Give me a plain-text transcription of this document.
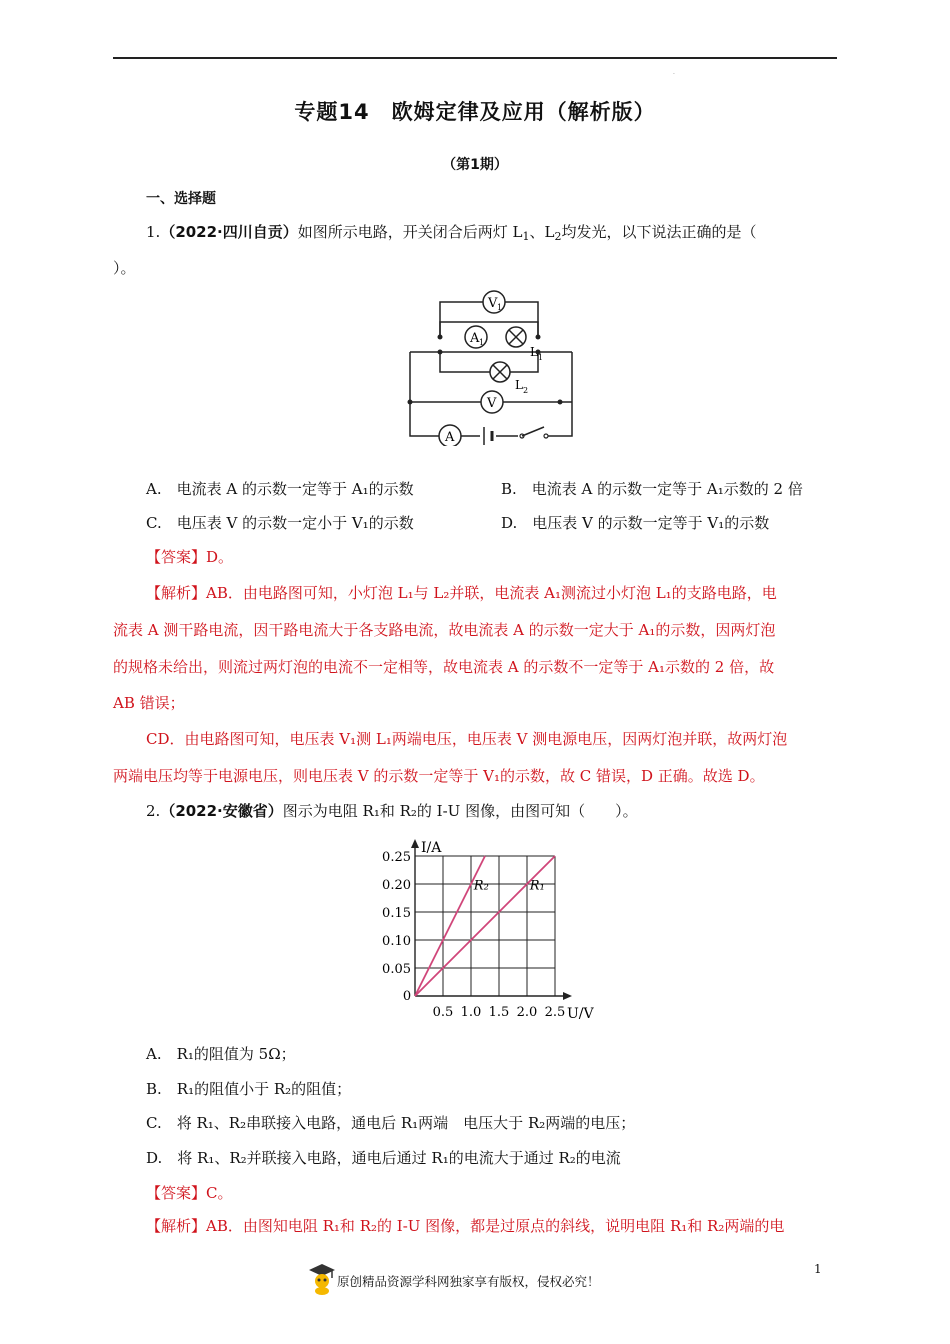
·
专题14　欧姆定律及应用（解析版）
（第1期）
一、选择题
1.（2022·四川自贡）如图所示电路，开关闭合后两灯 $L_1$、$L_2$均发光，以下说法正确的是（
）。
V 1
A 1
L 1
L 2
V
A
A.　电流表 A 的示数一定等于 A₁的示数	B.　电流表 A 的示数一定等于 A₁示数的 2 倍
C.　电压表 V 的示数一定小于 V₁的示数	D.　电压表 V 的示数一定等于 V₁的示数
【答案】D。
【解析】AB．由电路图可知，小灯泡 L₁与 L₂并联，电流表 A₁测流过小灯泡 L₁的支路电路，电
流表 A 测干路电流，因干路电流大于各支路电流，故电流表 A 的示数一定大于 A₁的示数，因两灯泡
的规格未给出，则流过两灯泡的电流不一定相等，故电流表 A 的示数不一定等于 A₁示数的 2 倍，故
AB 错误；
CD．由电路图可知，电压表 V₁测 L₁两端电压，电压表 V 测电源电压，因两灯泡并联，故两灯泡
两端电压均等于电源电压，则电压表 V 的示数一定等于 V₁的示数，故 C 错误，D 正确。故选 D。
2.（2022·安徽省）图示为电阻 R₁和 R₂的 I-U 图像，由图可知（　　）。
R₂	R₁
0.25
0.20
0.15
0.10
0.05
0
0.5 1.0 1.5 2.0 2.5
I/A
U/V
A.　R₁的阻值为 5Ω；
B.　R₁的阻值小于 R₂的阻值；
C.　将 R₁、R₂串联接入电路，通电后 R₁两端　电压大于 R₂两端的电压；
D.　将 R₁、R₂并联接入电路，通电后通过 R₁的电流大于通过 R₂的电流
【答案】C。
【解析】AB．由图知电阻 R₁和 R₂的 I-U 图像，都是过原点的斜线，说明电阻 R₁和 R₂两端的电
1
原创精品资源学科网独家享有版权，侵权必究！
